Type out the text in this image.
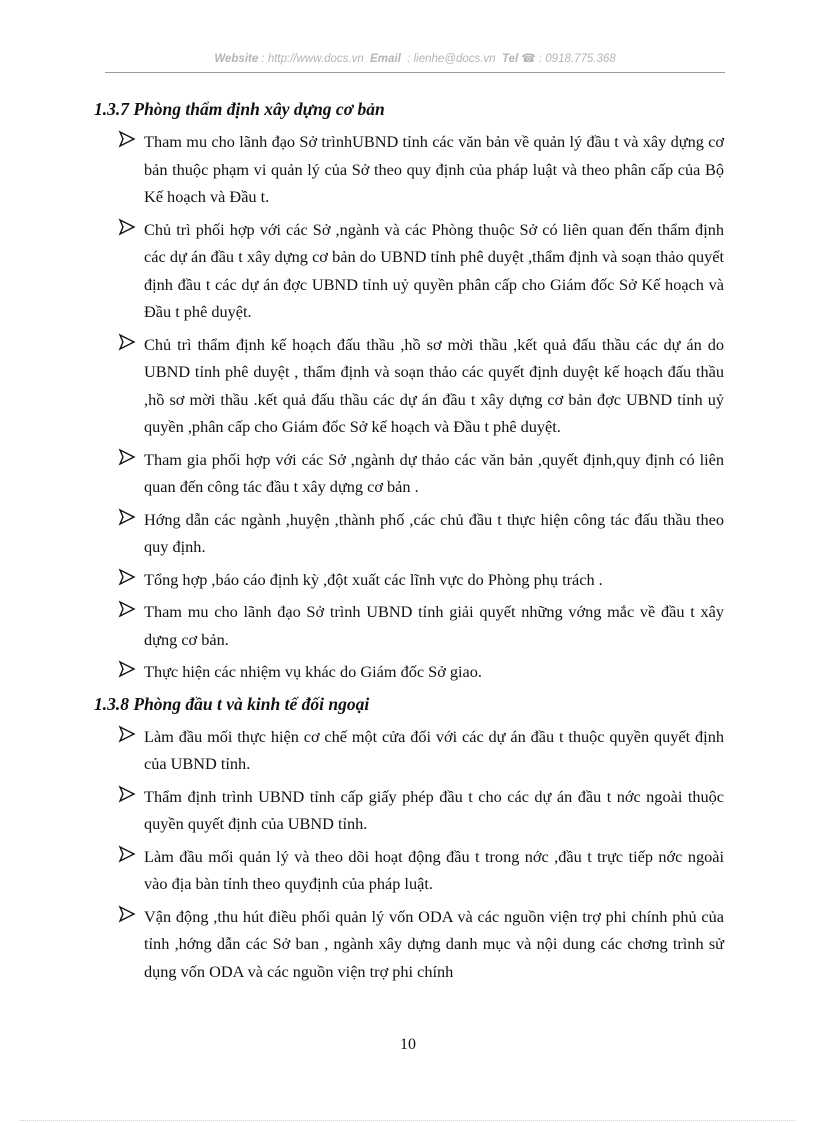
Website : http://www.docs.vn Email : lienhe@docs.vn Tel ☎ : 0918.775.368
1.3.7 Phòng thẩm định xây dựng cơ bản
Tham mu cho lãnh đạo Sở trìnhUBND tỉnh các văn bản về quản lý đầu t và xây dựng cơ bản thuộc phạm vi quản lý của Sở theo quy định của pháp luật và theo phân cấp của Bộ Kế hoạch và Đầu t.
Chủ trì phối hợp với các Sở ,ngành và các Phòng thuộc Sở có liên quan đến thẩm định các dự án đầu t xây dựng cơ bản do UBND tỉnh phê duyệt ,thẩm định và soạn thảo quyết định đầu t các dự án đợc UBND tỉnh uỷ quyền phân cấp cho Giám đốc Sở Kế hoạch và Đầu t phê duyệt.
Chủ trì thẩm định kế hoạch đấu thầu ,hồ sơ mời thầu ,kết quả đấu thầu các dự án do UBND tỉnh phê duyệt , thẩm định và soạn thảo các quyết định duyệt kế hoạch đấu thầu ,hồ sơ mời thầu .kết quả đấu thầu các dự án đầu t xây dựng cơ bản đợc UBND tỉnh uỷ quyền ,phân cấp cho Giám đốc Sở kế hoạch và Đầu t phê duyệt.
Tham gia phối hợp với các Sở ,ngành dự thảo các văn bản ,quyết định,quy định có liên quan đến công tác đầu t xây dựng cơ bản .
Hớng dẫn các ngành ,huyện ,thành phố ,các chủ đầu t thực hiện công tác đấu thầu theo quy định.
Tổng hợp ,báo cáo định kỳ ,đột xuất các lĩnh vực do Phòng phụ trách .
Tham mu cho lãnh đạo Sở trình UBND tỉnh giải quyết những vớng mắc về đầu t xây dựng cơ bản.
Thực hiện các nhiệm vụ khác do Giám đốc Sở giao.
1.3.8 Phòng đầu t và kinh tế đối ngoại
Làm đầu mối thực hiện cơ chế một cửa đối với các dự án đầu t thuộc quyền quyết định của UBND tỉnh.
Thẩm định trình UBND tỉnh cấp giấy phép đầu t cho các dự án đầu t nớc ngoài thuộc quyền quyết định của UBND tỉnh.
Làm đầu mối quản lý và theo dõi hoạt động đầu t trong nớc ,đầu t trực tiếp nớc ngoài vào địa bàn tỉnh theo quyđịnh của pháp luật.
Vận động ,thu hút điều phối quản lý vốn ODA và các nguồn viện trợ phi chính phủ của tỉnh ,hớng dẫn các Sở ban , ngành xây dựng danh mục và nội dung các chơng trình sử dụng vốn ODA và các nguồn viện trợ phi chính
10
